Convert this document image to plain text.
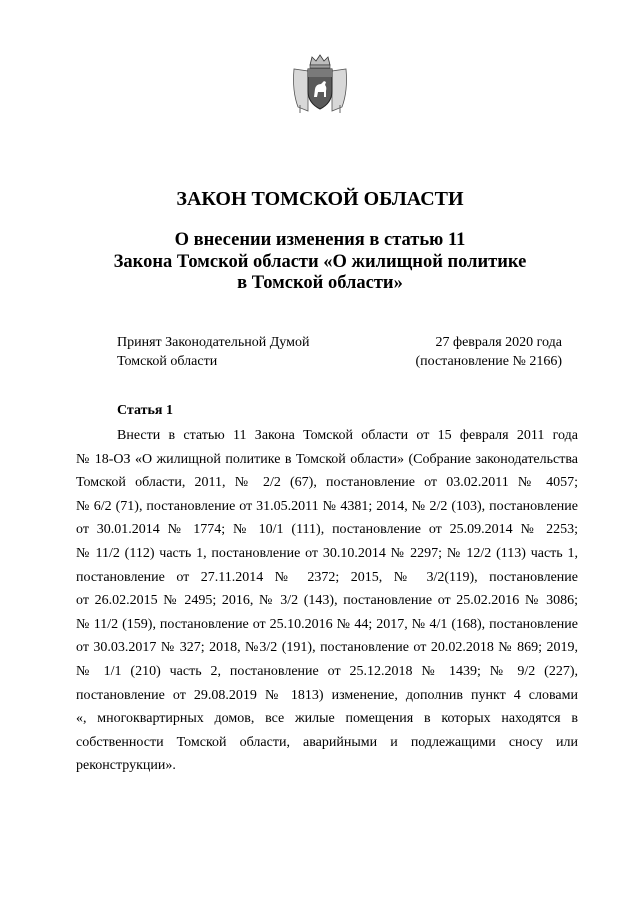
ЗАКОН ТОМСКОЙ ОБЛАСТИ
О внесении изменения в статью 11
Закона Томской области «О жилищной политике
в Томской области»
Принят Законодательной Думой
Томской области
27 февраля 2020 года
(постановление № 2166)
Статья 1
Внести в статью 11 Закона Томской области от 15 февраля 2011 года
№ 18-ОЗ «О жилищной политике в Томской области» (Собрание законодательства
Томской области, 2011, № 2/2 (67), постановление от 03.02.2011 № 4057;
№ 6/2 (71), постановление от 31.05.2011 № 4381; 2014, № 2/2 (103), постановление
от 30.01.2014 № 1774; № 10/1 (111), постановление от 25.09.2014 № 2253;
№ 11/2 (112) часть 1, постановление от 30.10.2014 № 2297; № 12/2 (113) часть 1,
постановление от 27.11.2014 № 2372; 2015, № 3/2(119), постановление
от 26.02.2015 № 2495; 2016, № 3/2 (143), постановление от 25.02.2016 № 3086;
№ 11/2 (159), постановление от 25.10.2016 № 44; 2017, № 4/1 (168), постановление
от 30.03.2017 № 327; 2018, №3/2 (191), постановление от 20.02.2018 № 869; 2019,
№ 1/1 (210) часть 2, постановление от 25.12.2018 № 1439; № 9/2 (227),
постановление от 29.08.2019 № 1813) изменение, дополнив пункт 4 словами
«, многоквартирных домов, все жилые помещения в которых находятся в
собственности Томской области, аварийными и подлежащими сносу или
реконструкции».
